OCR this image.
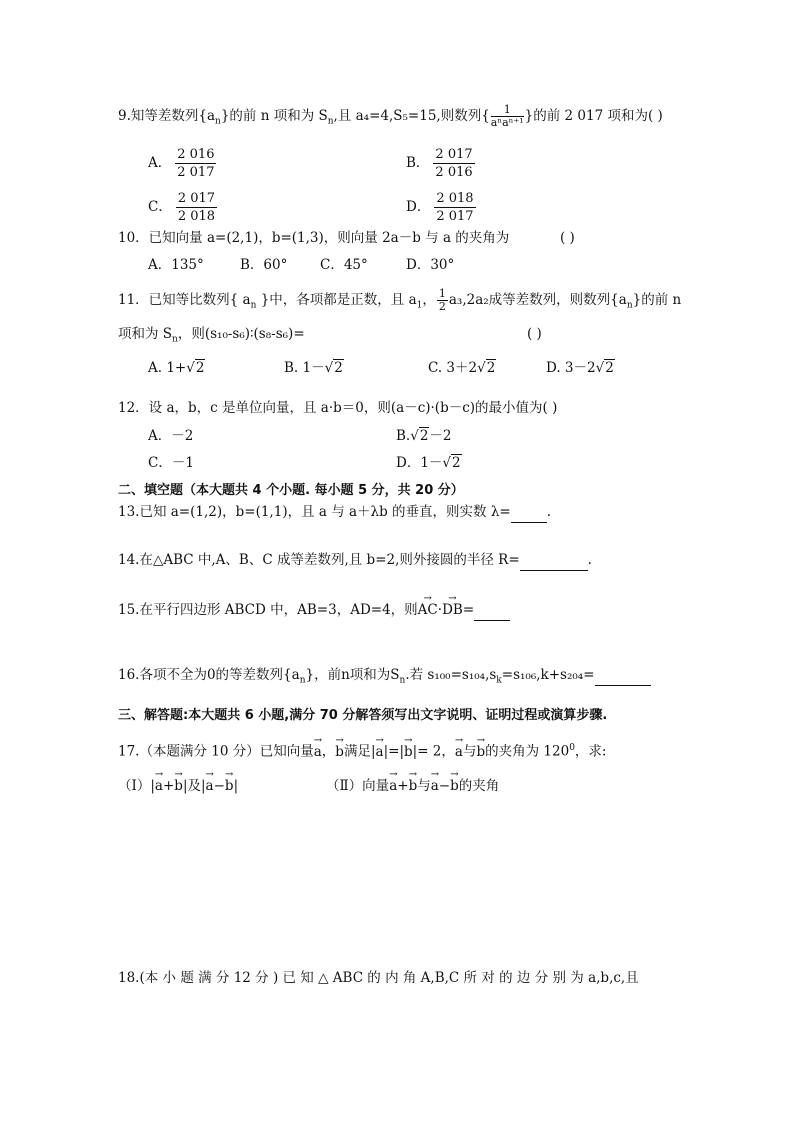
9.知等差数列$\{a_n\}$的前 n 项和为 $S_n$,且 a₄=4,S₅=15,则数列{ $\frac{1}{\text{aⁿaⁿ⁺¹}}$ }的前 2 017 项和为( )
A． $\frac{2 016}{2 017}$	B． $\frac{2 017}{2 016}$
C． $\frac{2 017}{2 018}$	D． $\frac{2 018}{2 017}$
10．已知向量 a=(2,1)，b=(1,3)，则向量 2a－b 与 a 的夹角为	( )
A．135°	B．60° C．45°	D．30°
11．已知等比数列{ $a_n$ }中，各项都是正数，且 $a_1$， $\frac{1}{2} a_3,2a_2$成等差数列，则数列$\{a_n\}$的前 n
项和为 $S_n$，则(s₁₀-s₆)∶(s₈-s₆)=	( )
A. 1+√2	B. 1－√2	C. 3＋2√2	D. 3－2√2
12．设 a，b，c 是单位向量，且 a·b＝0，则(a－c)·(b－c)的最小值为( )
A．－2	B.√2－2
C．－1	D．1－√2
二、填空题（本大题共 4 个小题. 每小题 5 分，共 20 分）
13.已知 a=(1,2)，b=(1,1)，且 a 与 a＋λb 的垂直，则实数 λ=	.
14.在△ABC 中,A、B、C 成等差数列,且 b=2,则外接圆的半径 R=	.
15.在平行四边形 ABCD 中，AB=3，AD=4，则→ AC·→ DB=
16.各项不全为0的等差数列$\{a_n\}$，前n项和为$S_n$.若 $s_{100}=s_{104},s_k=s_{106},k+s_{204}=$
三、解答题:本大题共 6 小题,满分 70 分解答须写出文字说明、证明过程或演算步骤.
17.（本题满分 10 分）已知向量→ a，→ b满足|→ a|=|→ b|= 2，→ a与→ b的夹角为 $120^0$，求:
（Ⅰ）|→ a+→ b|及|→ a−→ b|	（Ⅱ）向量→ a+→ b与→ a−→ b的夹角
18.(本 小 题 满 分 12 分 ) 已 知 △ ABC 的 内 角 A,B,C 所 对 的 边 分 别 为 a,b,c,且
